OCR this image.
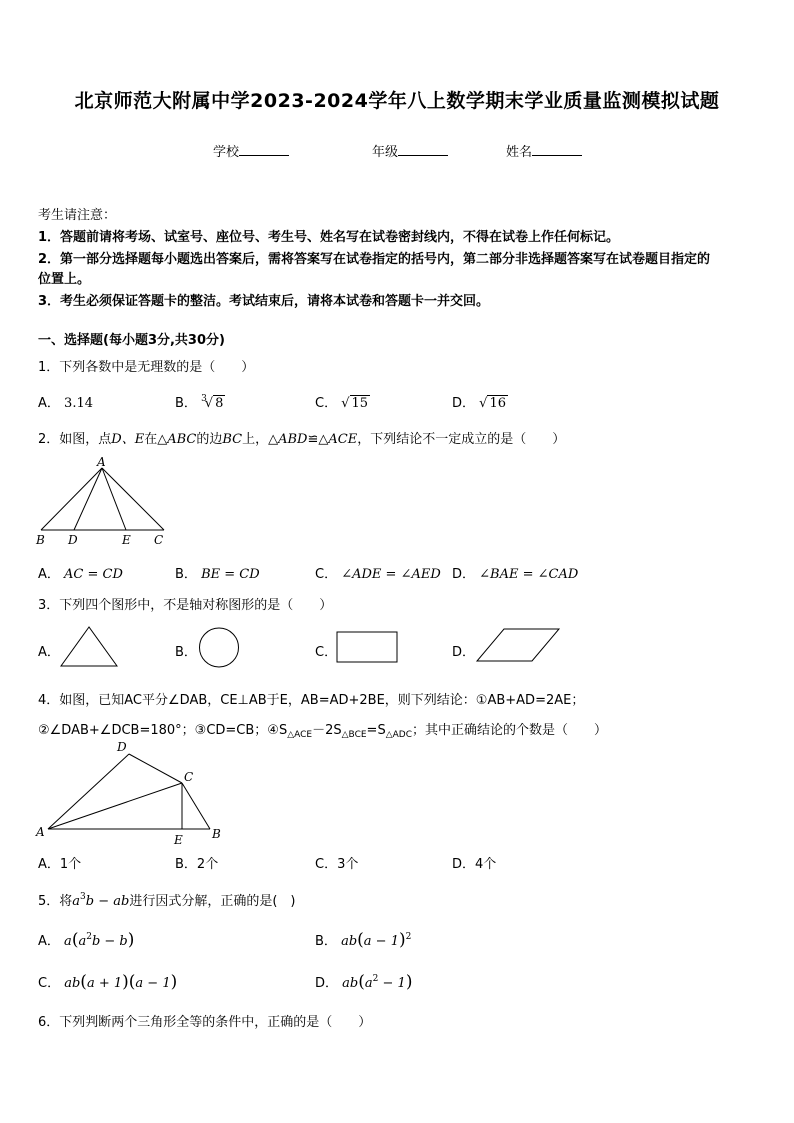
北京师范大附属中学2023-2024学年八上数学期末学业质量监测模拟试题
学校	年级	姓名
考生请注意：
1．答题前请将考场、试室号、座位号、考生号、姓名写在试卷密封线内，不得在试卷上作任何标记。
2．第一部分选择题每小题选出答案后，需将答案写在试卷指定的括号内，第二部分非选择题答案写在试卷题目指定的
位置上。
3．考生必须保证答题卡的整洁。考试结束后，请将本试卷和答题卡一并交回。
一、选择题(每小题3分,共30分)
1．下列各数中是无理数的是（　　）
A． 3.14	B． $^3$√ 8	C． √ 15	D． √ 16
2．如图，点D、E在△ABC的边BC上，△ABD≌△ACE，下列结论不一定成立的是（　　）
A
B D	E C
A． AC = CD	B． BE = CD	C． ∠ADE = ∠AED D． ∠BAE = ∠CAD
3．下列四个图形中，不是轴对称图形的是（　　）
A．	B．	C．	D．
4．如图，已知AC平分∠DAB，CE⊥AB于E，AB=AD+2BE，则下列结论：①AB+AD=2AE；
②∠DAB+∠DCB=180°；③CD=CB；$④S_{\triangle ACE}-2S_{\triangle BCE}=S_{\triangle ADC}$；其中正确结论的个数是（　　）
A
D
C
E B
A．1个	B．2个	C．3个	D．4个
5．将$a^3b$ − ab进行因式分解，正确的是(　)
A． $a(a^2b - b)$	B． $ab(a - 1)^2$
C． ab(a + 1)(a − 1)	D． $ab(a^2 - 1)$
6．下列判断两个三角形全等的条件中，正确的是（　　）
